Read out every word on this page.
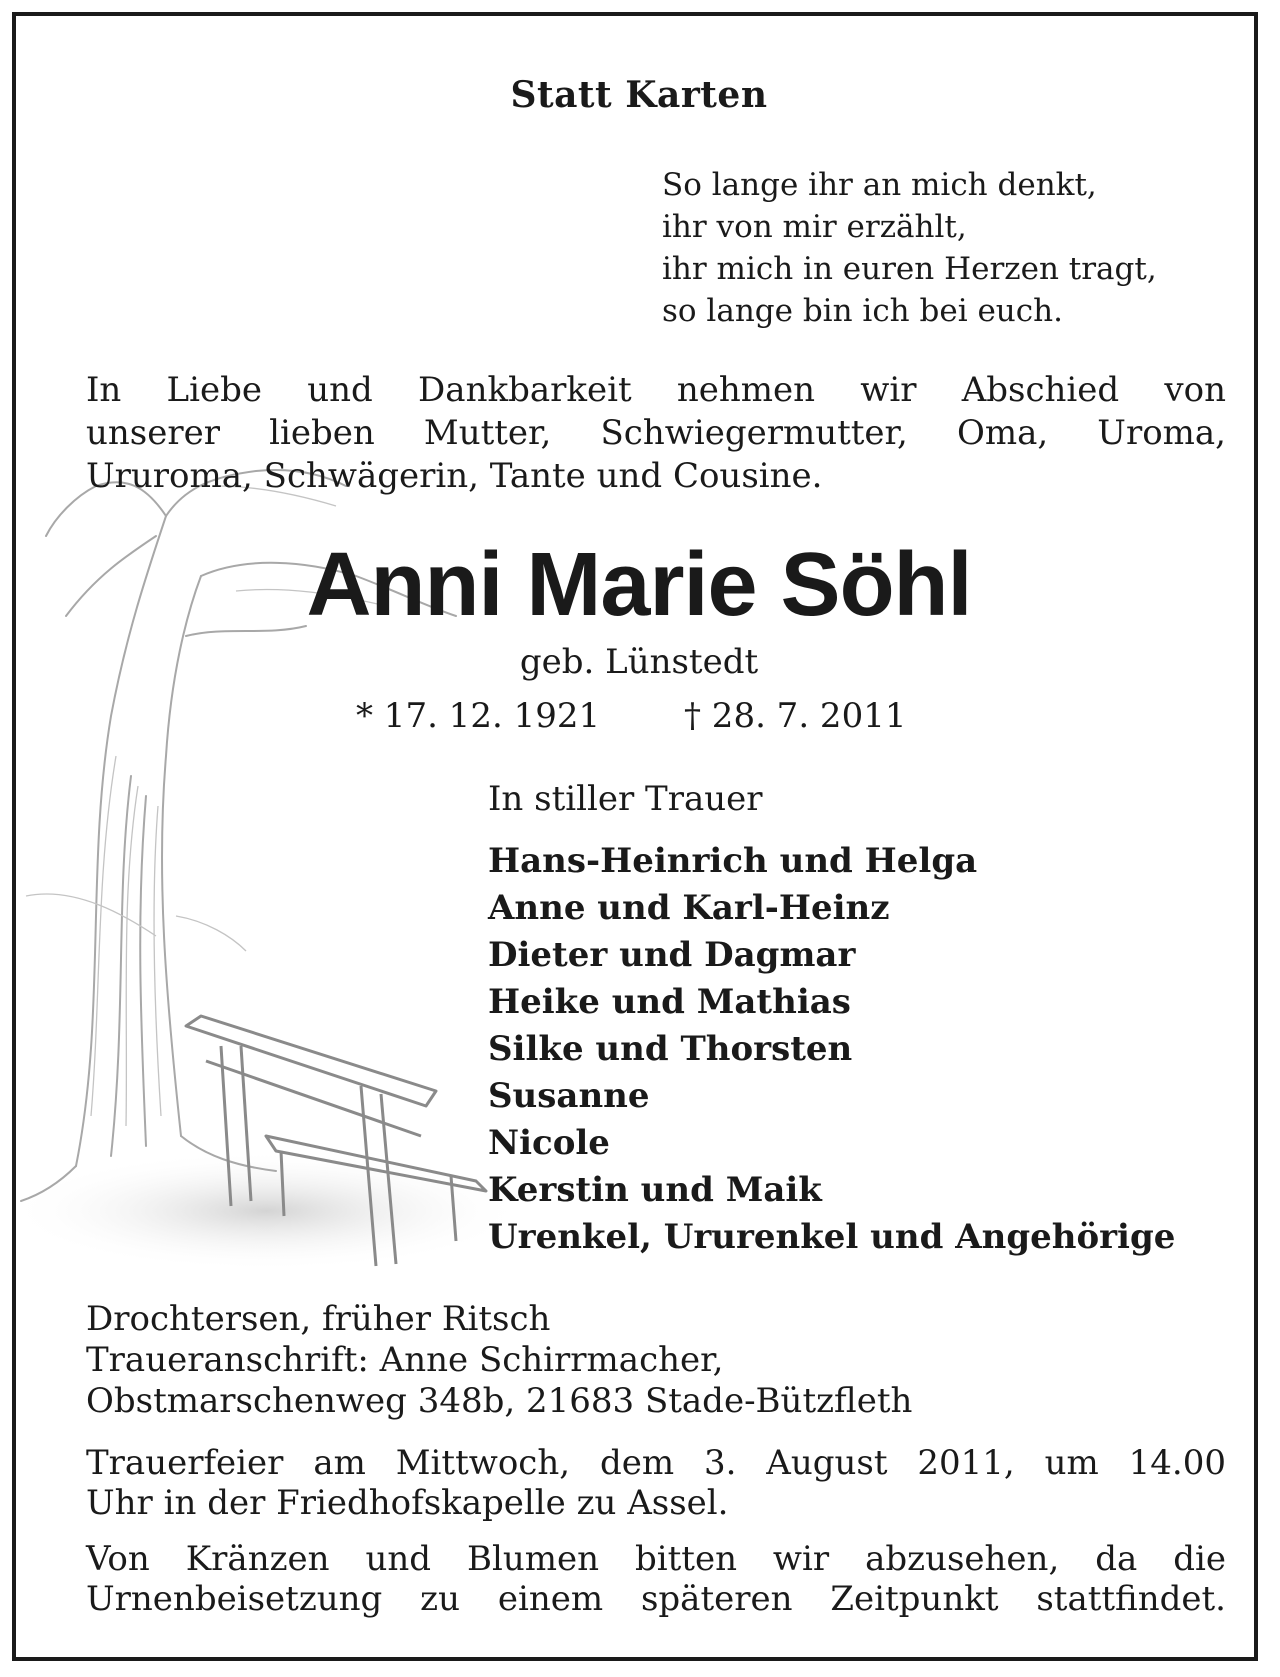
Statt Karten
So lange ihr an mich denkt,
ihr von mir erzählt,
ihr mich in euren Herzen tragt,
so lange bin ich bei euch.
In Liebe und Dankbarkeit nehmen wir Abschied von
unserer lieben Mutter, Schwiegermutter, Oma, Uroma,
Ururoma, Schwägerin, Tante und Cousine.
Anni Marie Söhl
geb. Lünstedt
* 17. 12. 1921 † 28. 7. 2011
In stiller Trauer
Hans-Heinrich und Helga
Anne und Karl-Heinz
Dieter und Dagmar
Heike und Mathias
Silke und Thorsten
Susanne
Nicole
Kerstin und Maik
Urenkel, Ururenkel und Angehörige
Drochtersen, früher Ritsch
Traueranschrift: Anne Schirrmacher,
Obstmarschenweg 348b, 21683 Stade-Bützfleth
Trauerfeier am Mittwoch, dem 3. August 2011, um 14.00
Uhr in der Friedhofskapelle zu Assel.
Von Kränzen und Blumen bitten wir abzusehen, da die
Urnenbeisetzung zu einem späteren Zeitpunkt stattfindet.
